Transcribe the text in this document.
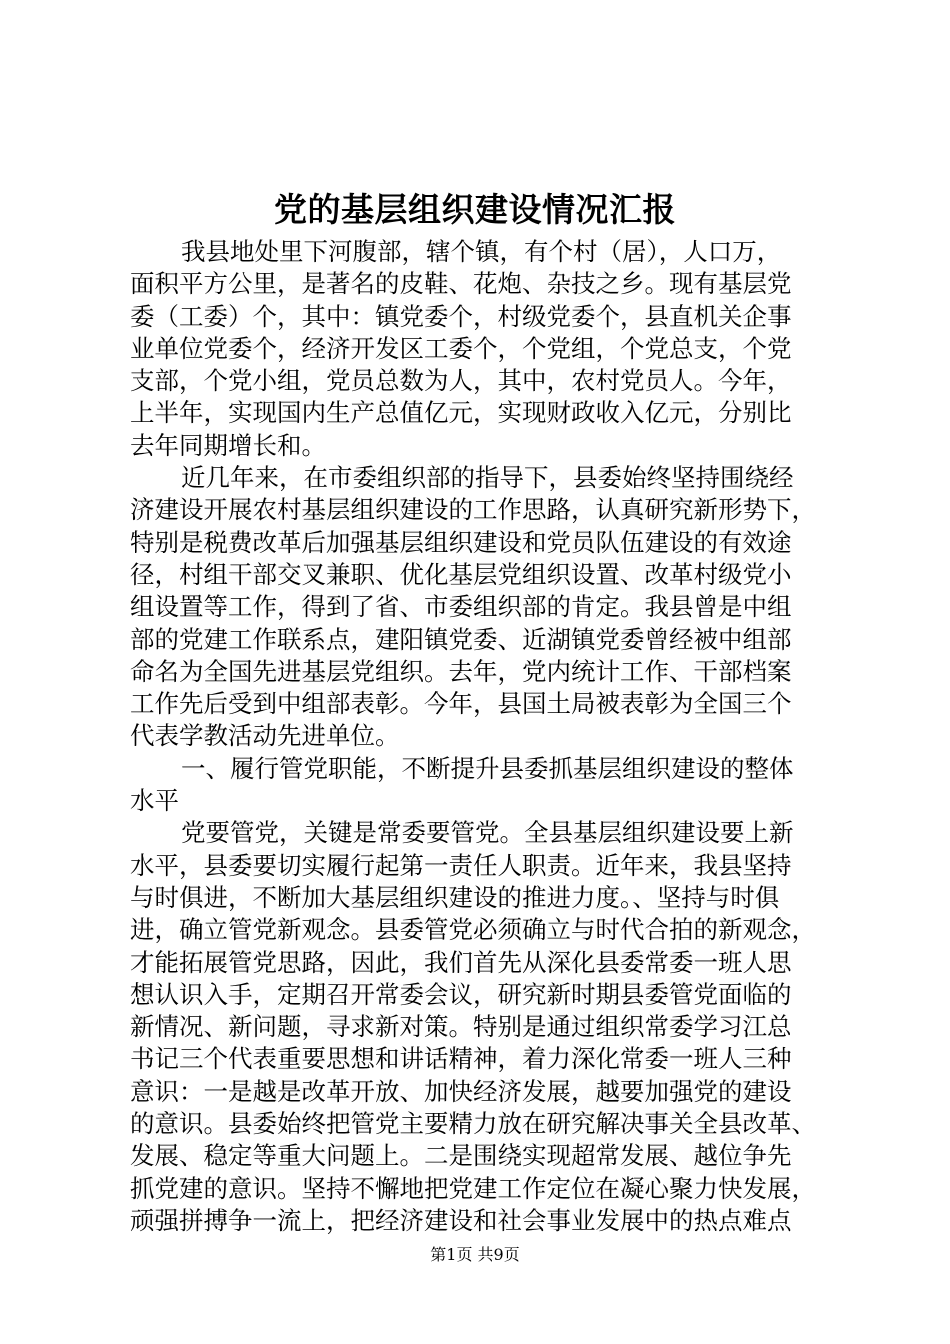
党的基层组织建设情况汇报
我县地处里下河腹部，辖个镇，有个村（居），人口万，
面积平方公里，是著名的皮鞋、花炮、杂技之乡。现有基层党
委（工委）个，其中：镇党委个，村级党委个，县直机关企事
业单位党委个，经济开发区工委个，个党组，个党总支，个党
支部，个党小组，党员总数为人，其中，农村党员人。今年，
上半年，实现国内生产总值亿元，实现财政收入亿元，分别比
去年同期增长和。
近几年来，在市委组织部的指导下，县委始终坚持围绕经
济建设开展农村基层组织建设的工作思路，认真研究新形势下，
特别是税费改革后加强基层组织建设和党员队伍建设的有效途
径，村组干部交叉兼职、优化基层党组织设置、改革村级党小
组设置等工作，得到了省、市委组织部的肯定。我县曾是中组
部的党建工作联系点，建阳镇党委、近湖镇党委曾经被中组部
命名为全国先进基层党组织。去年，党内统计工作、干部档案
工作先后受到中组部表彰。今年，县国土局被表彰为全国三个
代表学教活动先进单位。
一、履行管党职能，不断提升县委抓基层组织建设的整体
水平
党要管党，关键是常委要管党。全县基层组织建设要上新
水平，县委要切实履行起第一责任人职责。近年来，我县坚持
与时俱进，不断加大基层组织建设的推进力度。、坚持与时俱
进，确立管党新观念。县委管党必须确立与时代合拍的新观念，
才能拓展管党思路，因此，我们首先从深化县委常委一班人思
想认识入手，定期召开常委会议，研究新时期县委管党面临的
新情况、新问题，寻求新对策。特别是通过组织常委学习江总
书记三个代表重要思想和讲话精神，着力深化常委一班人三种
意识：一是越是改革开放、加快经济发展，越要加强党的建设
的意识。县委始终把管党主要精力放在研究解决事关全县改革、
发展、稳定等重大问题上。二是围绕实现超常发展、越位争先
抓党建的意识。坚持不懈地把党建工作定位在凝心聚力快发展，
顽强拼搏争一流上，把经济建设和社会事业发展中的热点难点
第1页 共9页
